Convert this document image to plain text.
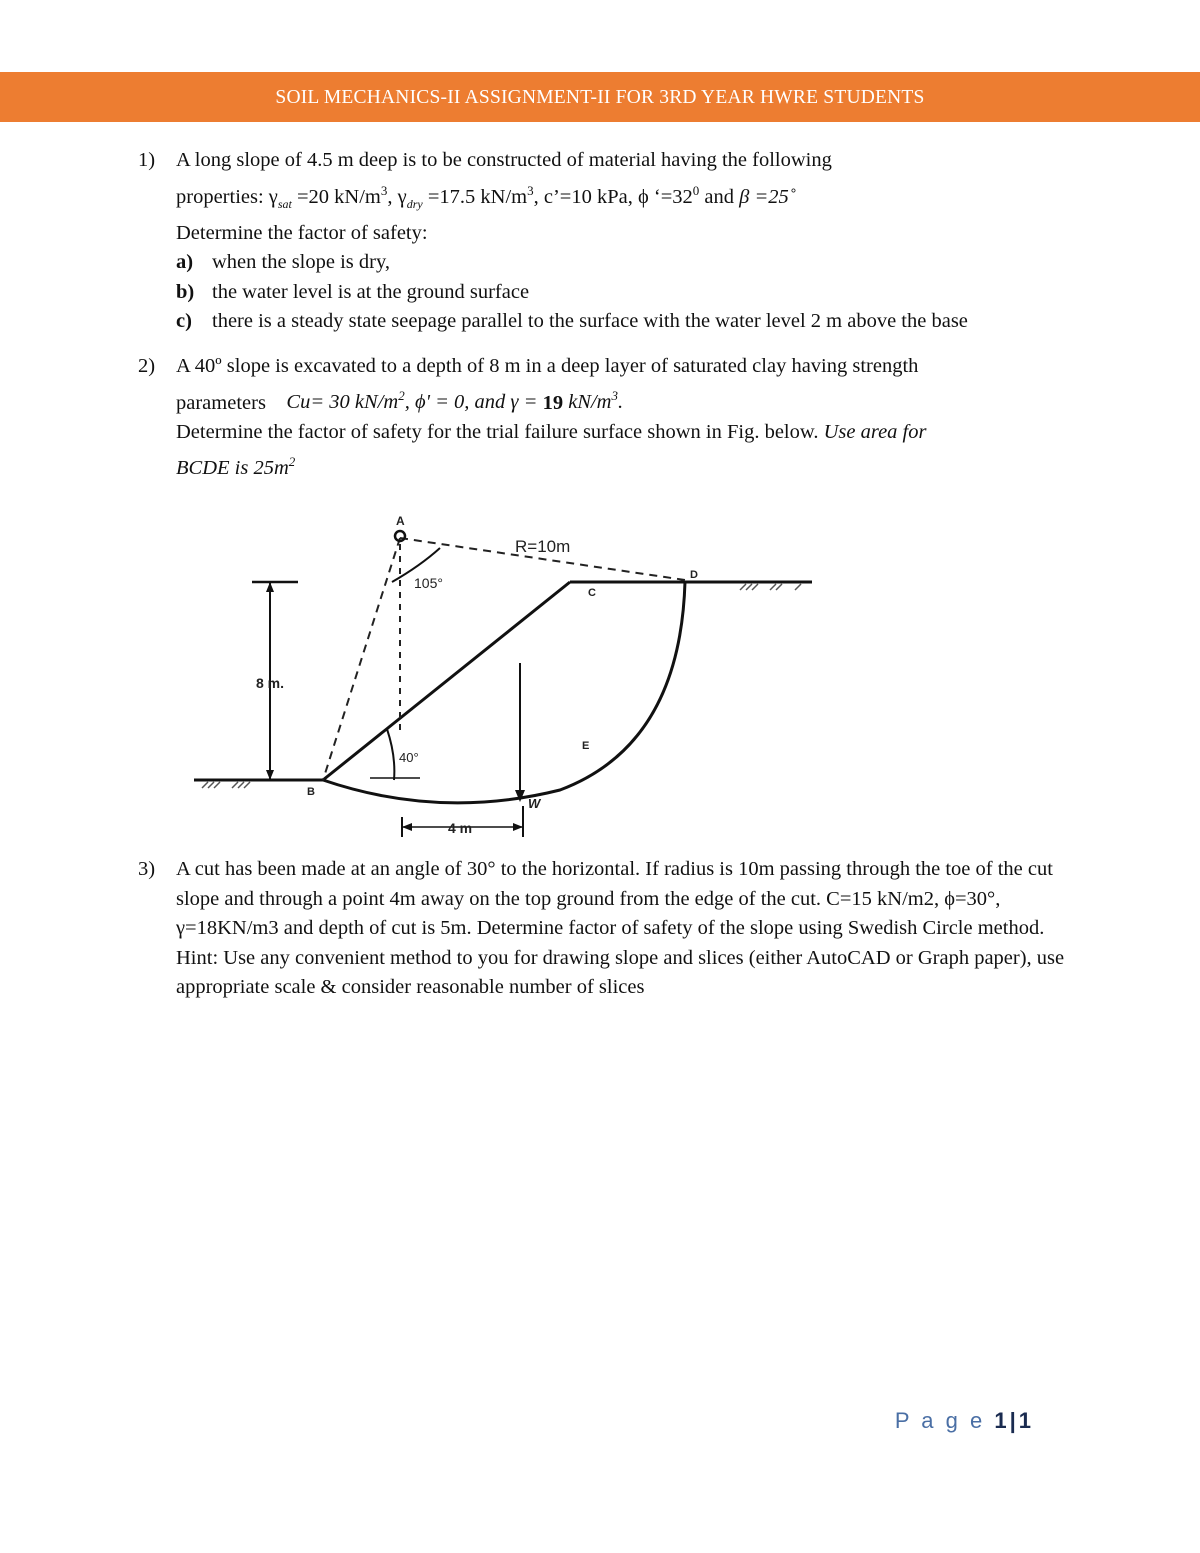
SOIL MECHANICS-II ASSIGNMENT-II FOR 3RD YEAR HWRE STUDENTS
1) A long slope of 4.5 m deep is to be constructed of material having the following

properties: $\gamma_{sat} =20$ $kN/m^3$, $\gamma_{dry} =17.5$ $kN/m^3$, c’=10 kPa, ϕ ‘$=32^0$ and β =25˚

Determine the factor of safety:

a) when the slope is dry,
b) the water level is at the ground surface
c) there is a steady state seepage parallel to the surface with the water level 2 m above the base
2) A 40º slope is excavated to a depth of 8 m in a deep layer of saturated clay having strength

parameters Cu= 30 $kN/m^2$, ϕ' = 0, and γ = 19 $kN/m^3$.

Determine the factor of safety for the trial failure surface shown in Fig. below. Use area for

BCDE is $25m^2$

A
B
C
D
E
R=10m
105°
40°
8 m.
4 m
W
3) A cut has been made at an angle of 30° to the horizontal. If radius is 10m passing through the toe of the cut slope and through a point 4m away on the top ground from the edge of the cut. C=15 kN/m2, ϕ=30°, γ=18KN/m3 and depth of cut is 5m. Determine factor of safety of the slope using Swedish Circle method.

Hint: Use any convenient method to you for drawing slope and slices (either AutoCAD or Graph paper), use appropriate scale & consider reasonable number of slices

P a g e 1|1
